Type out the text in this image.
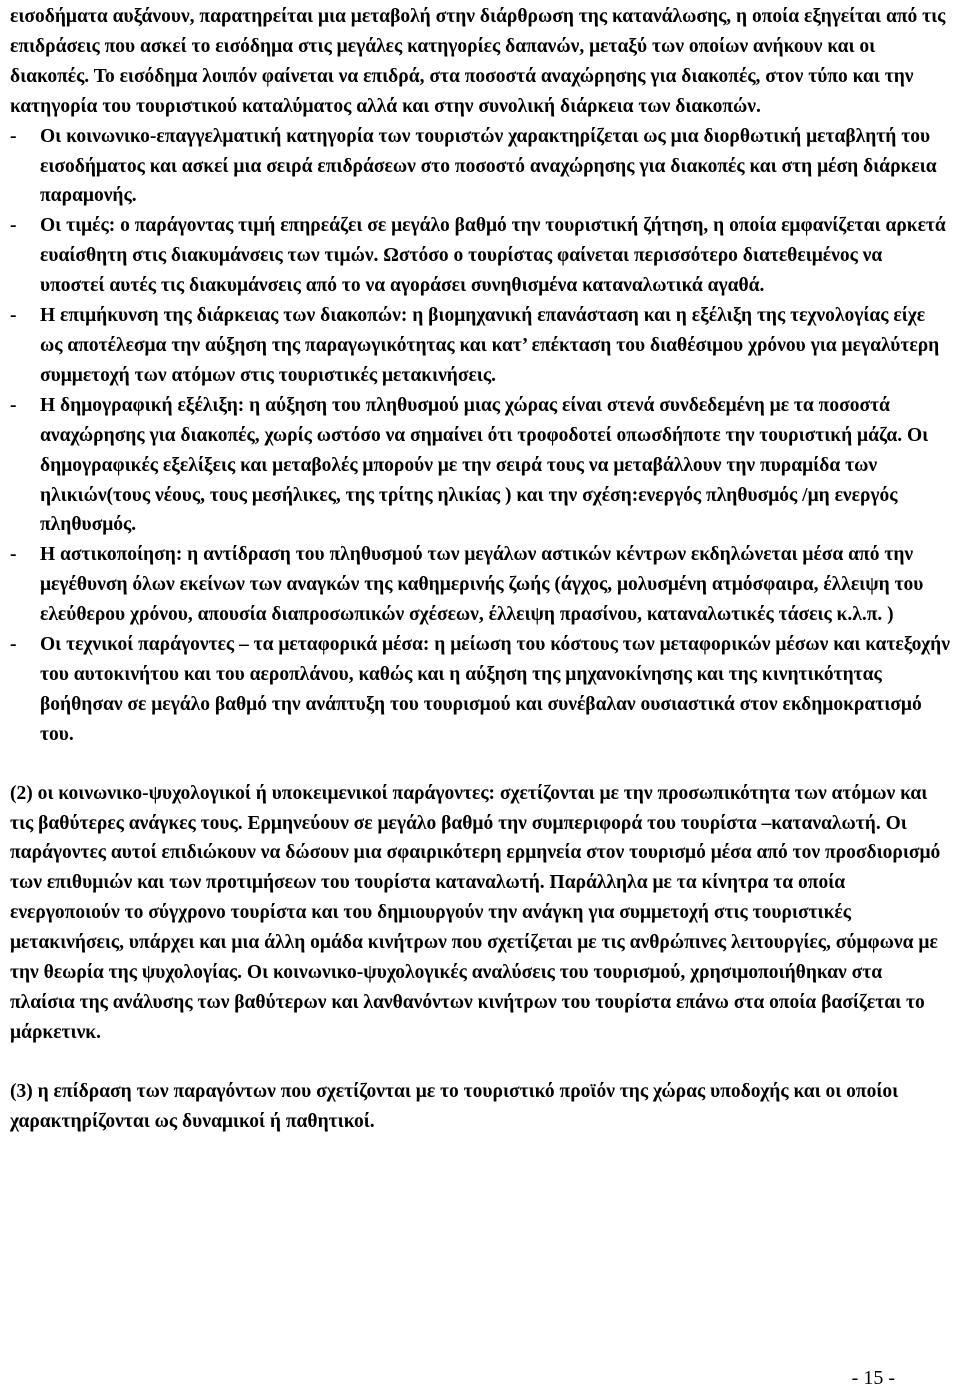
εισοδήματα αυξάνουν, παρατηρείται μια μεταβολή στην διάρθρωση της κατανάλωσης, η οποία εξηγείται από τις επιδράσεις που ασκεί το εισόδημα στις μεγάλες κατηγορίες δαπανών, μεταξύ των οποίων ανήκουν και οι διακοπές. Το εισόδημα λοιπόν φαίνεται να επιδρά, στα ποσοστά αναχώρησης για διακοπές, στον τύπο και την κατηγορία του τουριστικού καταλύματος αλλά και στην συνολική διάρκεια των διακοπών.

- Οι κοινωνικο-επαγγελματική κατηγορία των τουριστών χαρακτηρίζεται ως μια διορθωτική μεταβλητή του εισοδήματος και ασκεί μια σειρά επιδράσεων στο ποσοστό αναχώρησης για διακοπές και στη μέση διάρκεια παραμονής.
- Οι τιμές: ο παράγοντας τιμή επηρεάζει σε μεγάλο βαθμό την τουριστική ζήτηση, η οποία εμφανίζεται αρκετά ευαίσθητη στις διακυμάνσεις των τιμών. Ωστόσο ο τουρίστας φαίνεται περισσότερο διατεθειμένος να υποστεί αυτές τις διακυμάνσεις από το να αγοράσει συνηθισμένα καταναλωτικά αγαθά.
- Η επιμήκυνση της διάρκειας των διακοπών: η βιομηχανική επανάσταση και η εξέλιξη της τεχνολογίας είχε ως αποτέλεσμα την αύξηση της παραγωγικότητας και κατ’ επέκταση του διαθέσιμου χρόνου για μεγαλύτερη συμμετοχή των ατόμων στις τουριστικές μετακινήσεις.
- Η δημογραφική εξέλιξη: η αύξηση του πληθυσμού μιας χώρας είναι στενά συνδεδεμένη με τα ποσοστά αναχώρησης για διακοπές, χωρίς ωστόσο να σημαίνει ότι τροφοδοτεί οπωσδήποτε την τουριστική μάζα. Οι δημογραφικές εξελίξεις και μεταβολές μπορούν με την σειρά τους να μεταβάλλουν την πυραμίδα των ηλικιών(τους νέους, τους μεσήλικες, της τρίτης ηλικίας ) και την σχέση:ενεργός πληθυσμός /μη ενεργός πληθυσμός.
- Η αστικοποίηση: η αντίδραση του πληθυσμού των μεγάλων αστικών κέντρων εκδηλώνεται μέσα από την μεγέθυνση όλων εκείνων των αναγκών της καθημερινής ζωής (άγχος, μολυσμένη ατμόσφαιρα, έλλειψη του ελεύθερου χρόνου, απουσία διαπροσωπικών σχέσεων, έλλειψη πρασίνου, καταναλωτικές τάσεις κ.λ.π. )
- Οι τεχνικοί παράγοντες – τα μεταφορικά μέσα: η μείωση του κόστους των μεταφορικών μέσων και κατεξοχήν του αυτοκινήτου και του αεροπλάνου, καθώς και η αύξηση της μηχανοκίνησης και της κινητικότητας βοήθησαν σε μεγάλο βαθμό την ανάπτυξη του τουρισμού και συνέβαλαν ουσιαστικά στον εκδημοκρατισμό του.

(2) οι κοινωνικο-ψυχολογικοί ή υποκειμενικοί παράγοντες: σχετίζονται με την προσωπικότητα των ατόμων και τις βαθύτερες ανάγκες τους. Ερμηνεύουν σε μεγάλο βαθμό την συμπεριφορά του τουρίστα –καταναλωτή. Οι παράγοντες αυτοί επιδιώκουν να δώσουν μια σφαιρικότερη ερμηνεία στον τουρισμό μέσα από τον προσδιορισμό των επιθυμιών και των προτιμήσεων του τουρίστα καταναλωτή. Παράλληλα με τα κίνητρα τα οποία ενεργοποιούν το σύγχρονο τουρίστα και του δημιουργούν την ανάγκη για συμμετοχή στις τουριστικές μετακινήσεις, υπάρχει και μια άλλη ομάδα κινήτρων που σχετίζεται με τις ανθρώπινες λειτουργίες, σύμφωνα με την θεωρία της ψυχολογίας. Οι κοινωνικο-ψυχολογικές αναλύσεις του τουρισμού, χρησιμοποιήθηκαν στα πλαίσια της ανάλυσης των βαθύτερων και λανθανόντων κινήτρων του τουρίστα επάνω στα οποία βασίζεται το μάρκετινκ.

(3) η επίδραση των παραγόντων που σχετίζονται με το τουριστικό προϊόν της χώρας υποδοχής και οι οποίοι χαρακτηρίζονται ως δυναμικοί ή παθητικοί.

- 15 -
